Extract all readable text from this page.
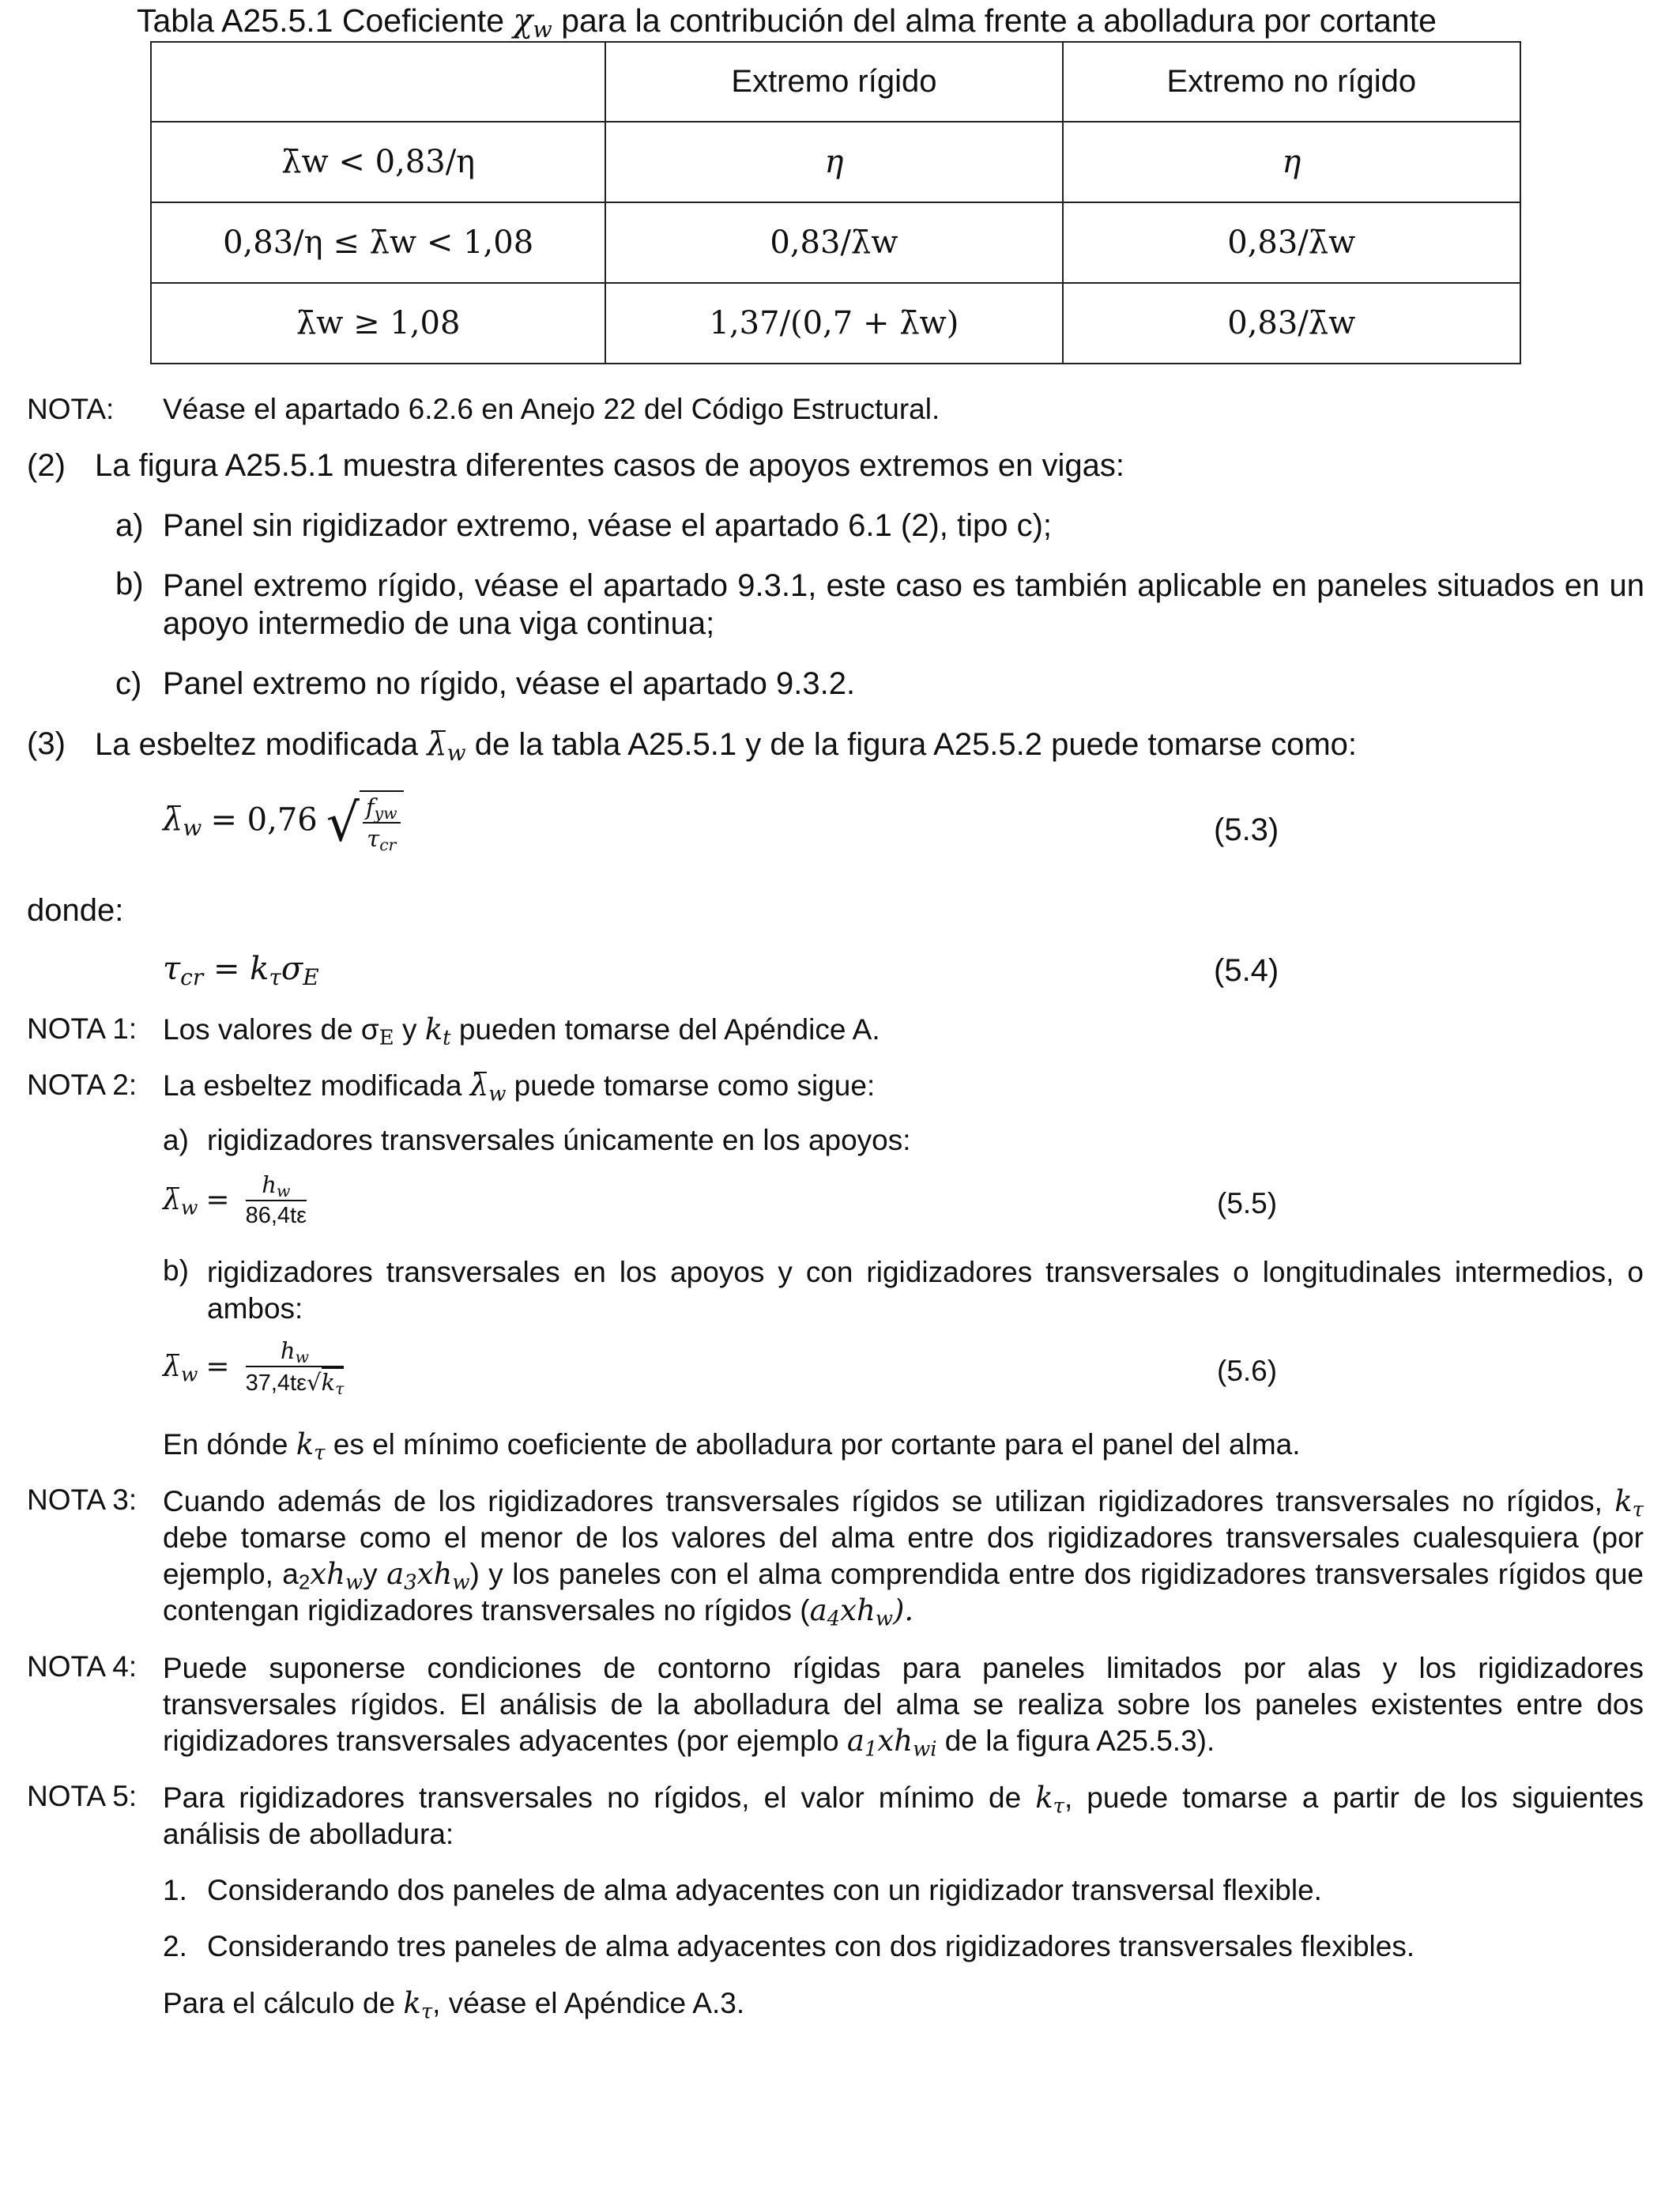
Tabla A25.5.1 Coeficiente $\chi_w$ para la contribución del alma frente a abolladura por cortante
	Extremo rígido	Extremo no rígido
λ̄w < 0,83/η	η	η
0,83/η ≤ λ̄w < 1,08	0,83/λ̄w	0,83/λ̄w
λ̄w ≥ 1,08	1,37/(0,7 + λ̄w)	0,83/λ̄w
NOTA: Véase el apartado 6.2.6 en Anejo 22 del Código Estructural.
(2) La figura A25.5.1 muestra diferentes casos de apoyos extremos en vigas:
a) Panel sin rigidizador extremo, véase el apartado 6.1 (2), tipo c);
b) Panel extremo rígido, véase el apartado 9.3.1, este caso es también aplicable en paneles situados en un apoyo intermedio de una viga continua;
c) Panel extremo no rígido, véase el apartado 9.3.2.
(3) La esbeltez modificada $\lambda_w$ de la tabla A25.5.1 y de la figura A25.5.2 puede tomarse como:
$\lambda_w = 0,76$ √ $\frac{f_{yw}}{\tau_{cr}}$	(5.3)
donde:
$\tau_{cr} = k_\tau\sigma_E$	(5.4)
NOTA 1: Los valores de $\sigma_E$ y $k_t$ pueden tomarse del Apéndice A.
NOTA 2: La esbeltez modificada $\lambda_w$ puede tomarse como sigue:
a) rigidizadores transversales únicamente en los apoyos:
$\lambda_w = \frac{h_w}{86,4t\varepsilon}$	(5.5)
b) rigidizadores transversales en los apoyos y con rigidizadores transversales o longitudinales intermedios, o ambos:
$\lambda_w = \frac{h_w}{37,4t\varepsilon√k_\tau}$	(5.6)
En dónde $k_\tau$ es el mínimo coeficiente de abolladura por cortante para el panel del alma.
NOTA 3: Cuando además de los rigidizadores transversales rígidos se utilizan rigidizadores transversales no rígidos, $k_\tau$ debe tomarse como el menor de los valores del alma entre dos rigidizadores transversales cualesquiera (por ejemplo, $a_2xh_wy$ $a_3xh_w$) y los paneles con el alma comprendida entre dos rigidizadores transversales rígidos que contengan rigidizadores transversales no rígidos $(a_4xh_w)$.
NOTA 4: Puede suponerse condiciones de contorno rígidas para paneles limitados por alas y los rigidizadores transversales rígidos. El análisis de la abolladura del alma se realiza sobre los paneles existentes entre dos rigidizadores transversales adyacentes (por ejemplo $a_1xh_{wi}$ de la figura A25.5.3).
NOTA 5: Para rigidizadores transversales no rígidos, el valor mínimo de $k_\tau$, puede tomarse a partir de los siguientes análisis de abolladura:
1. Considerando dos paneles de alma adyacentes con un rigidizador transversal flexible.
2. Considerando tres paneles de alma adyacentes con dos rigidizadores transversales flexibles.
Para el cálculo de $k_\tau$, véase el Apéndice A.3.
